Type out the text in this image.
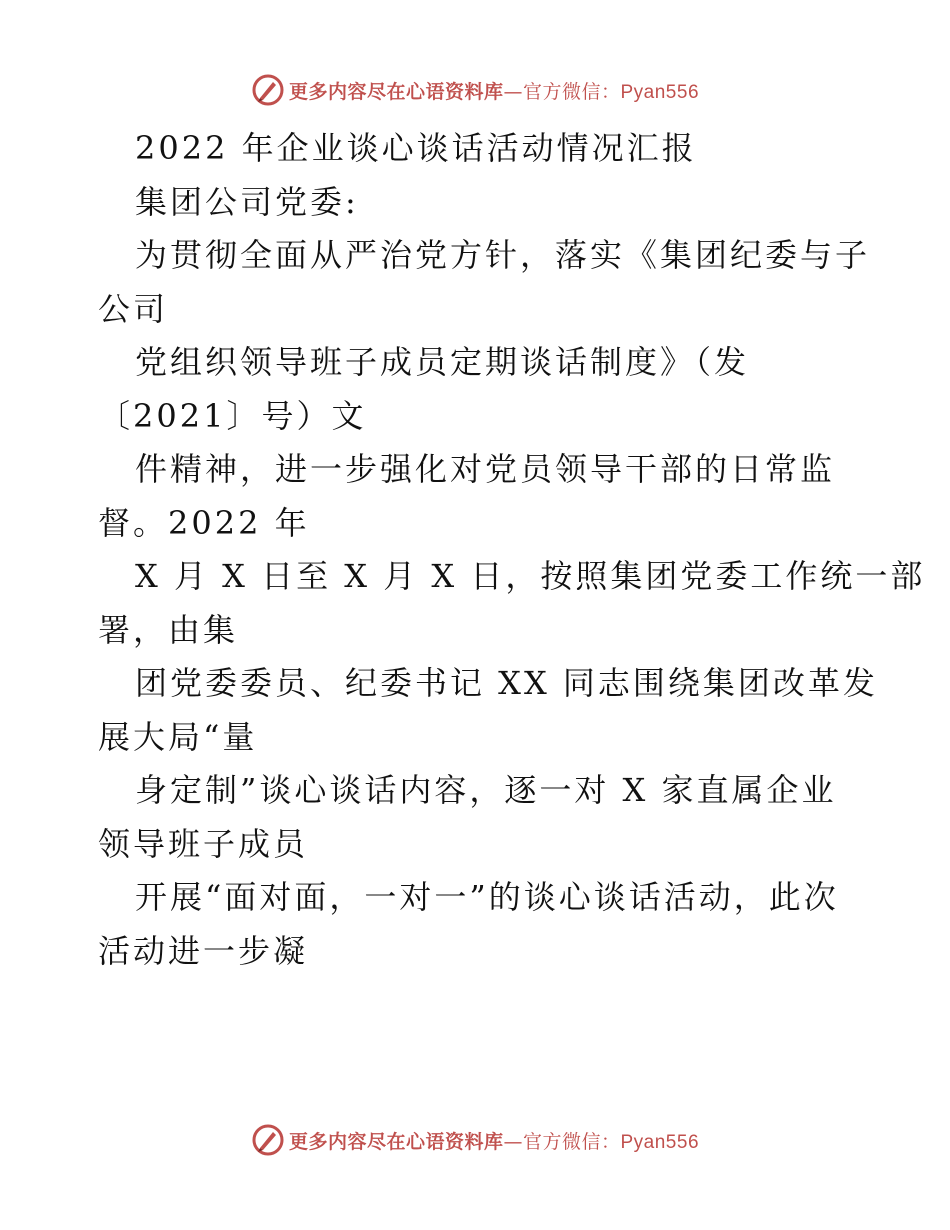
更多内容尽在心语资料库—官方微信：Pyan556
2022 年企业谈心谈话活动情况汇报
集团公司党委:
为贯彻全面从严治党方针，落实《集团纪委与子
公司
党组织领导班子成员定期谈话制度》（发
〔2021〕号）文
件精神，进一步强化对党员领导干部的日常监
督。2022 年
X 月 X 日至 X 月 X 日，按照集团党委工作统一部
署，由集
团党委委员、纪委书记 XX 同志围绕集团改革发
展大局“量
身定制”谈心谈话内容，逐一对 X 家直属企业
领导班子成员
开展“面对面，一对一”的谈心谈话活动，此次
活动进一步凝
更多内容尽在心语资料库—官方微信：Pyan556
